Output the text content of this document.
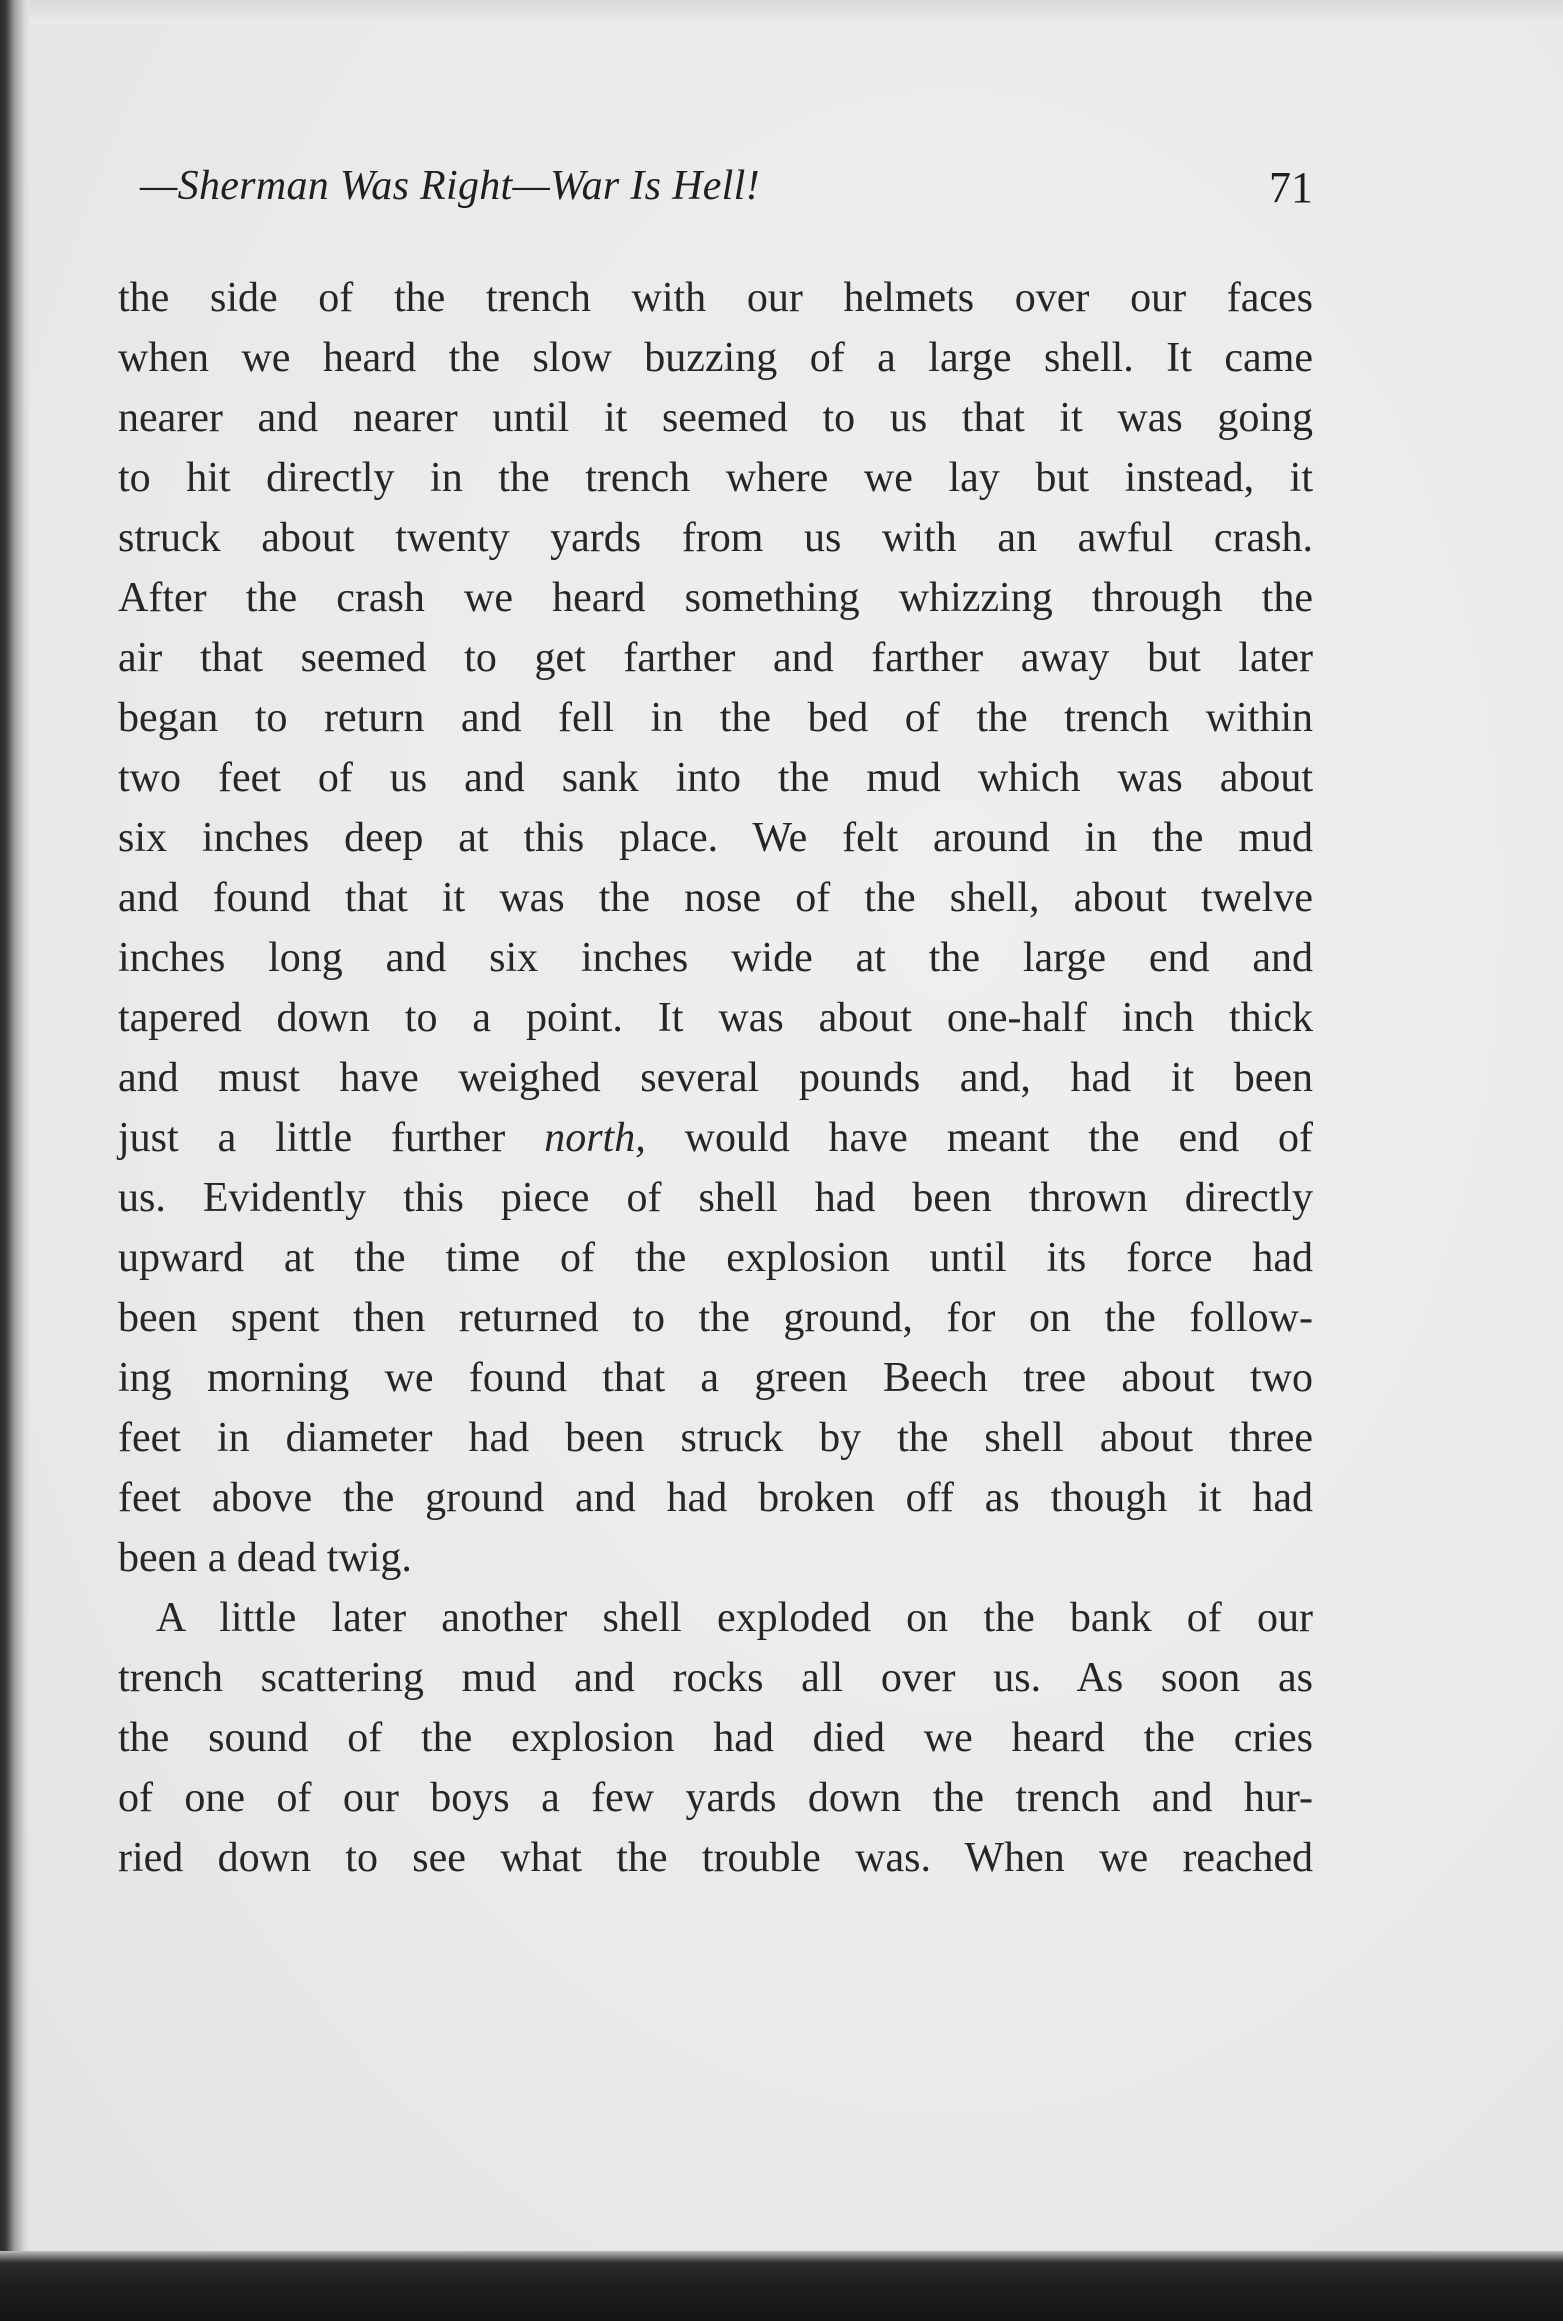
—Sherman Was Right—War Is Hell!	71
the side of the trench with our helmets over our faces
when we heard the slow buzzing of a large shell. It came
nearer and nearer until it seemed to us that it was going
to hit directly in the trench where we lay but instead, it
struck about twenty yards from us with an awful crash.
After the crash we heard something whizzing through the
air that seemed to get farther and farther away but later
began to return and fell in the bed of the trench within
two feet of us and sank into the mud which was about
six inches deep at this place. We felt around in the mud
and found that it was the nose of the shell, about twelve
inches long and six inches wide at the large end and
tapered down to a point. It was about one-half inch thick
and must have weighed several pounds and, had it been
just a little further north, would have meant the end of
us. Evidently this piece of shell had been thrown directly
upward at the time of the explosion until its force had
been spent then returned to the ground, for on the follow-
ing morning we found that a green Beech tree about two
feet in diameter had been struck by the shell about three
feet above the ground and had broken off as though it had
been a dead twig.
A little later another shell exploded on the bank of our
trench scattering mud and rocks all over us. As soon as
the sound of the explosion had died we heard the cries
of one of our boys a few yards down the trench and hur-
ried down to see what the trouble was. When we reached
